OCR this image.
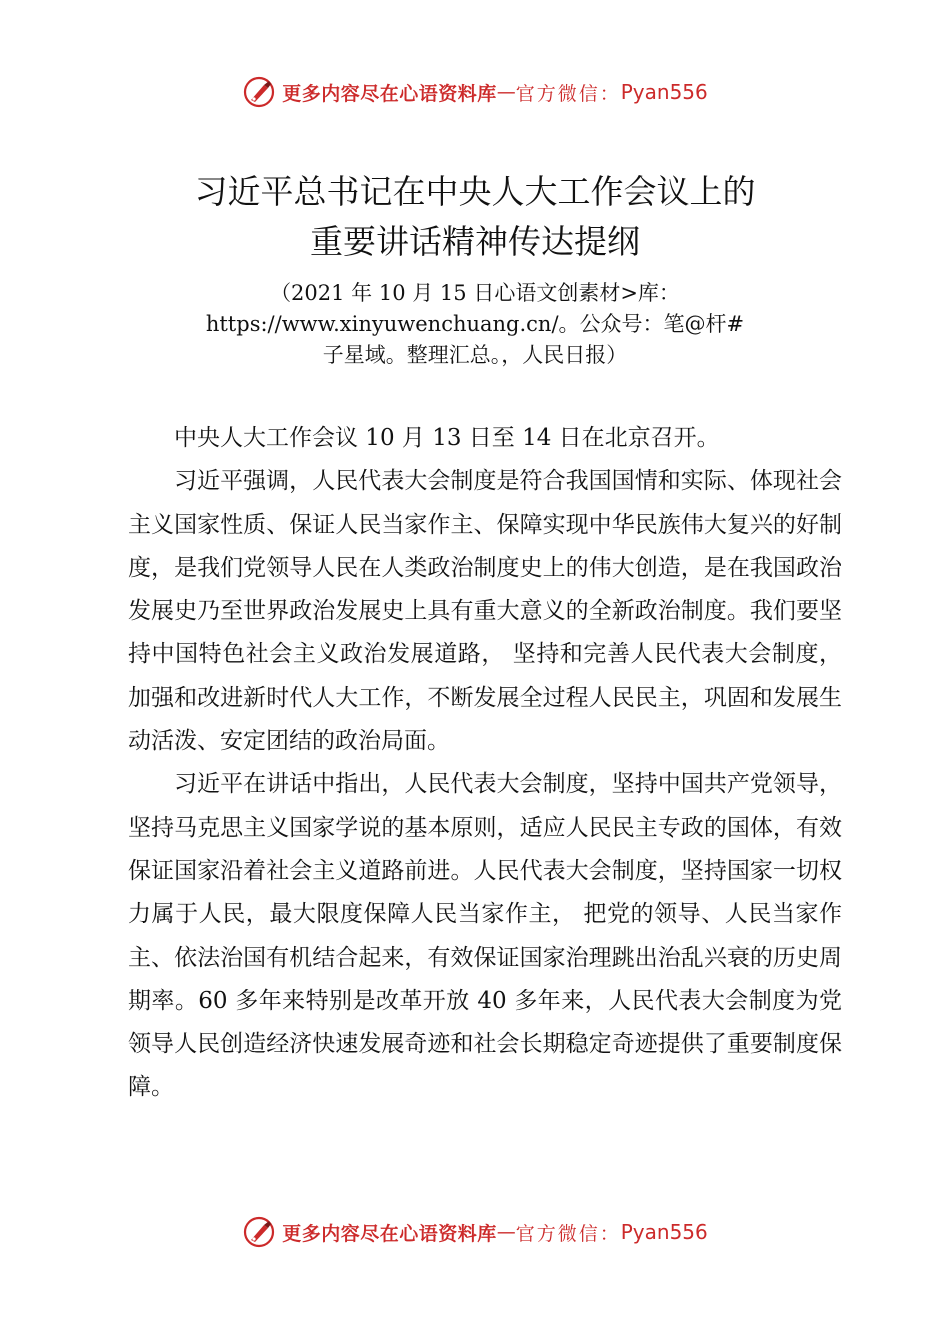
更多内容尽在心语资料库 — 官方微信： Pyan556
习近平总书记在中央人大工作会议上的
重要讲话精神传达提纲
（2021 年 10 月 15 日心语文创素材>库：
https://www.xinyuwenchuang.cn/。公众号：笔@杆#
子星域。整理汇总。，人民日报）

中央人大工作会议 10 月 13 日至 14 日在北京召开。

习近平强调，人民代表大会制度是符合我国国情和实际、体现社会主义国家性质、保证人民当家作主、保障实现中华民族伟大复兴的好制度，是我们党领导人民在人类政治制度史上的伟大创造，是在我国政治发展史乃至世界政治发展史上具有重大意义的全新政治制度。我们要坚持中国特色社会主义政治发展道路， 坚持和完善人民代表大会制度，加强和改进新时代人大工作，不断发展全过程人民民主，巩固和发展生动活泼、安定团结的政治局面。

习近平在讲话中指出，人民代表大会制度，坚持中国共产党领导，坚持马克思主义国家学说的基本原则，适应人民民主专政的国体，有效保证国家沿着社会主义道路前进。人民代表大会制度，坚持国家一切权力属于人民，最大限度保障人民当家作主， 把党的领导、人民当家作主、依法治国有机结合起来，有效保证国家治理跳出治乱兴衰的历史周期率。60 多年来特别是改革开放 40 多年来，人民代表大会制度为党领导人民创造经济快速发展奇迹和社会长期稳定奇迹提供了重要制度保障。

更多内容尽在心语资料库 — 官方微信： Pyan556
